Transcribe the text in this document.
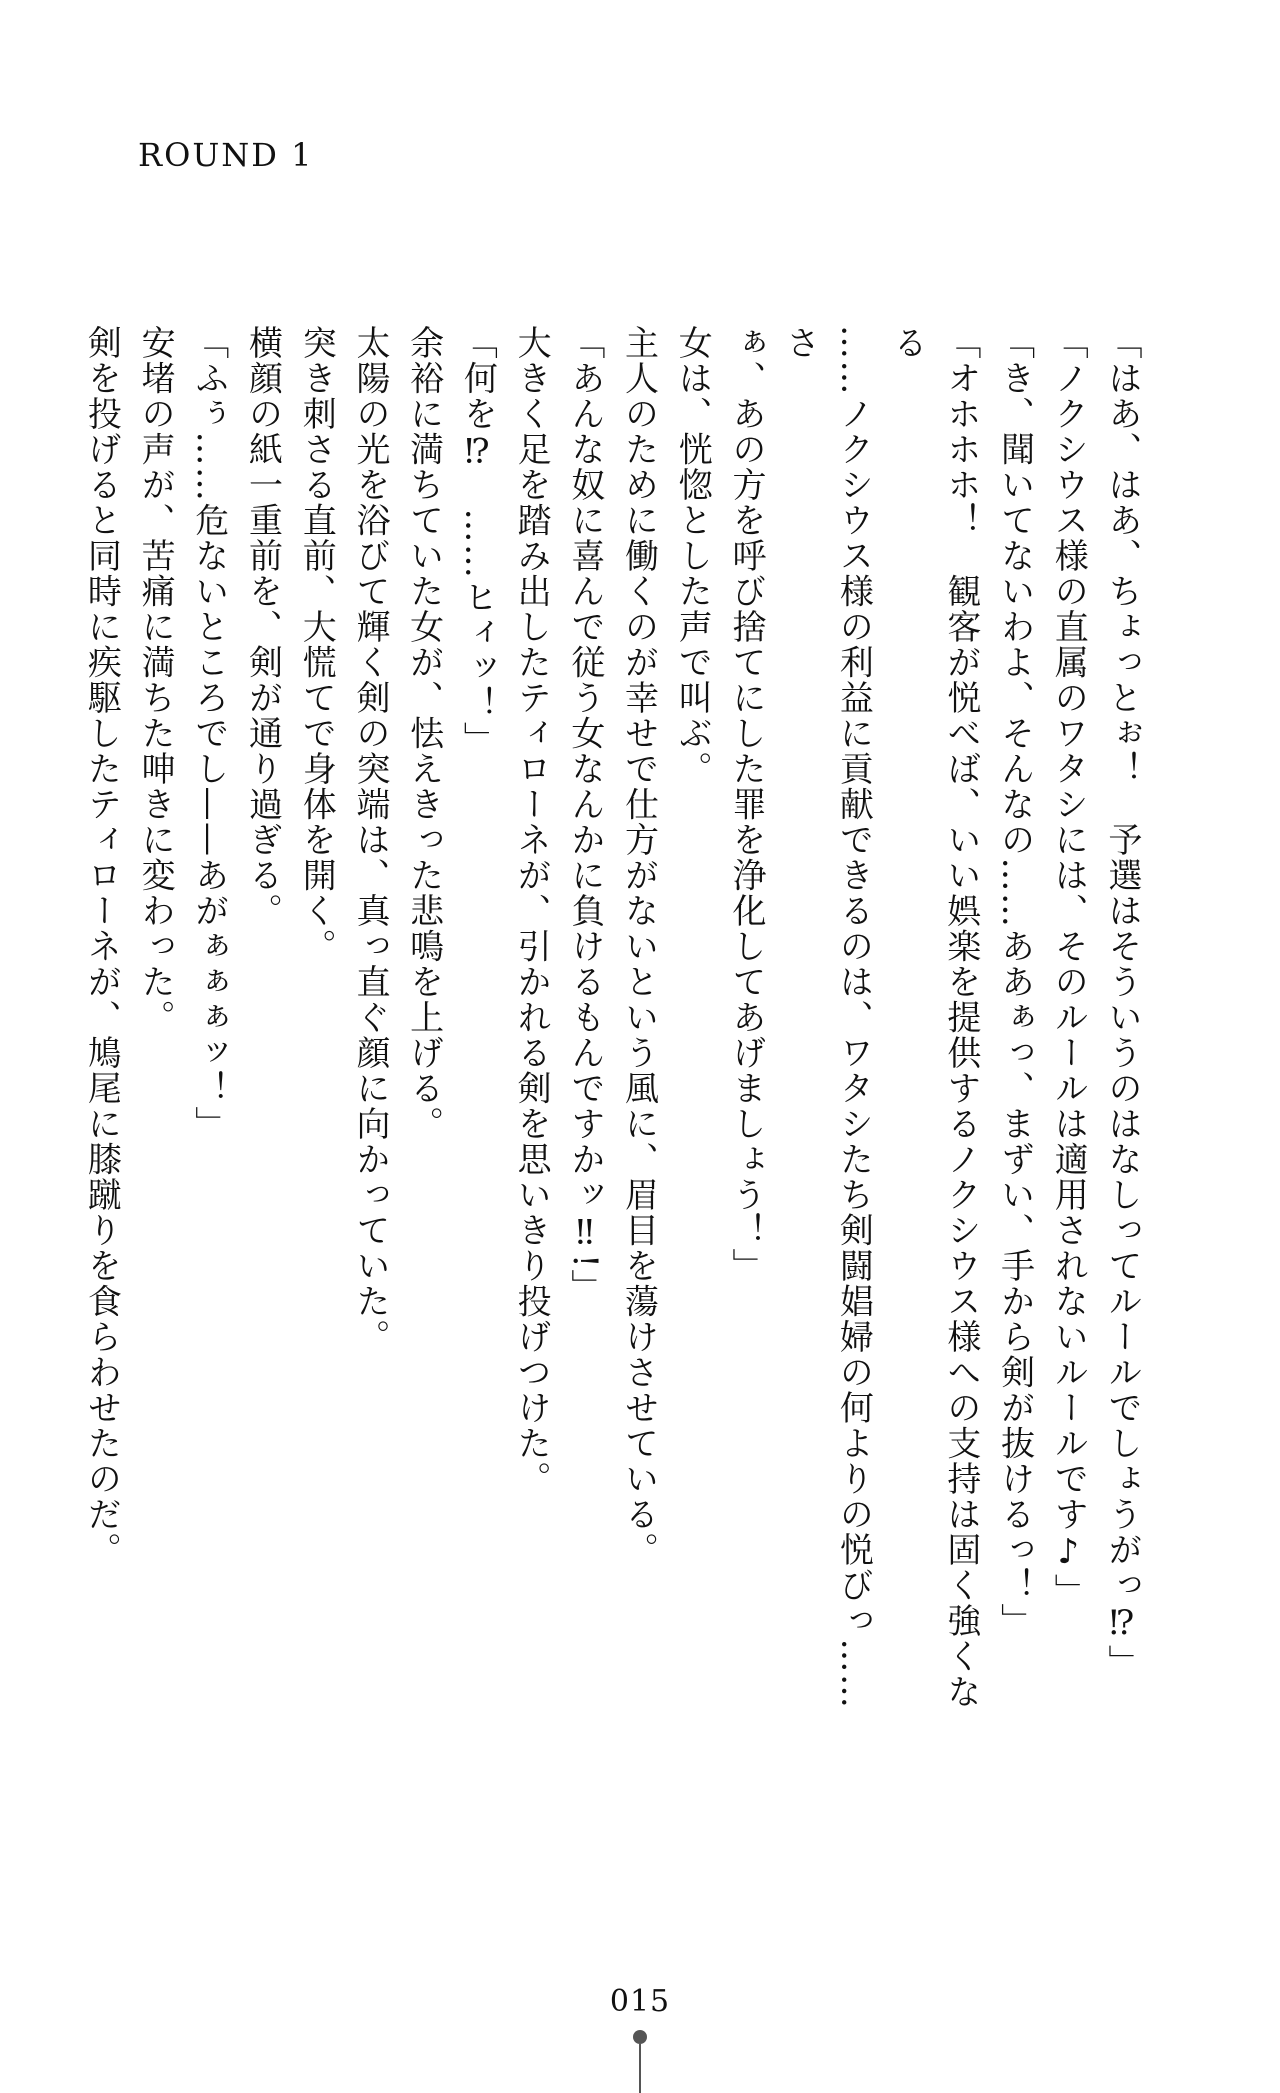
ROUND 1

「はあ、はあ、ちょっとぉ！　予選はそういうのはなしってルールでしょうがっ⁉」

「ノクシウス様の直属のワタシには、そのルールは適用されないルールです♪」

「き、聞いてないわよ、そんなの……ああぁっ、まずい、手から剣が抜けるっ！」

「オホホホ！　観客が悦べば、いい娯楽を提供するノクシウス様への支持は固く強くなる

……ノクシウス様の利益に貢献できるのは、ワタシたち剣闘娼婦の何よりの悦びっ……さ

ぁ、あの方を呼び捨てにした罪を浄化してあげましょう！」

女は、恍惚とした声で叫ぶ。

主人のために働くのが幸せで仕方がないという風に、眉目を蕩けさせている。

「あんな奴に喜んで従う女なんかに負けるもんですかッ‼!」

大きく足を踏み出したティローネが、引かれる剣を思いきり投げつけた。

「何を⁉　……ヒィッ！」

余裕に満ちていた女が、怯えきった悲鳴を上げる。

太陽の光を浴びて輝く剣の突端は、真っ直ぐ顔に向かっていた。

突き刺さる直前、大慌てで身体を開く。

横顔の紙一重前を、剣が通り過ぎる。

「ふぅ……危ないところでし——あがぁぁぁッ！」

安堵の声が、苦痛に満ちた呻きに変わった。

剣を投げると同時に疾駆したティローネが、鳩尾に膝蹴りを食らわせたのだ。

015
